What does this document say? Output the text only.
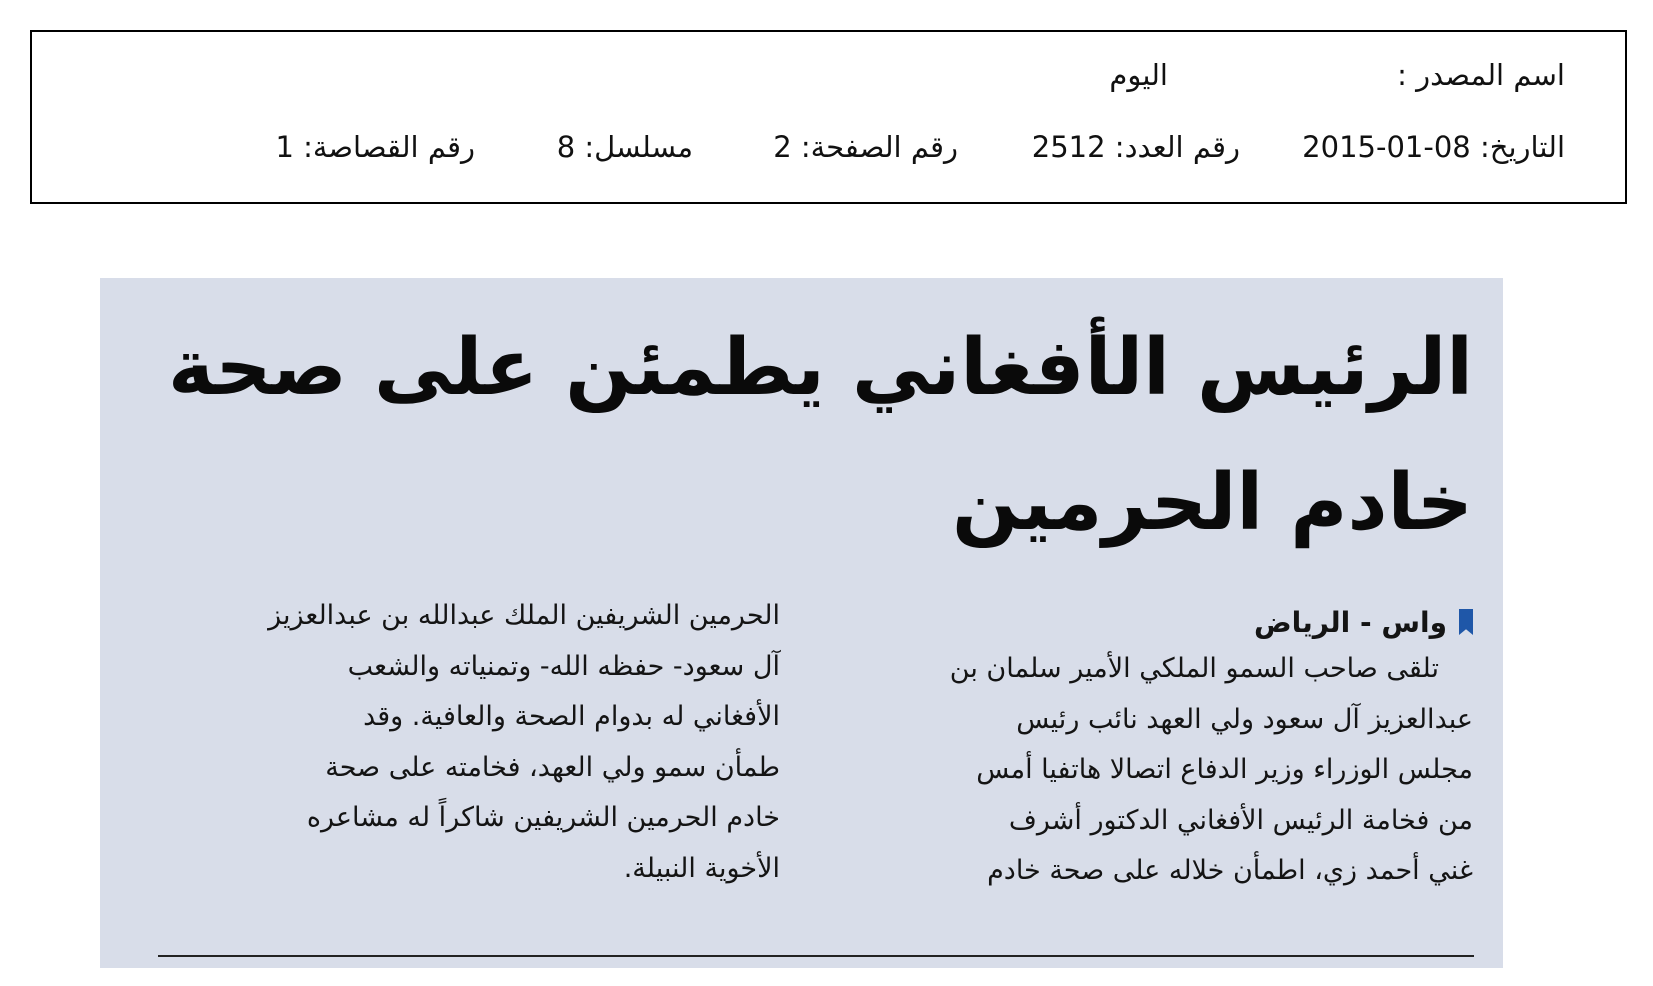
اسم المصدر :
اليوم
التاريخ: 08-01-2015
رقم العدد: 2512
رقم الصفحة: 2
مسلسل: 8
رقم القصاصة: 1
الرئيس الأفغاني يطمئن على صحة
خادم الحرمين
واس - الرياض
تلقى صاحب السمو الملكي الأمير سلمان بن
عبدالعزيز آل سعود ولي العهد نائب رئيس
مجلس الوزراء وزير الدفاع اتصالا هاتفيا أمس
من فخامة الرئيس الأفغاني الدكتور أشرف
غني أحمد زي، اطمأن خلاله على صحة خادم
الحرمين الشريفين الملك عبدالله بن عبدالعزيز
آل سعود- حفظه الله- وتمنياته والشعب
الأفغاني له بدوام الصحة والعافية. وقد
طمأن سمو ولي العهد، فخامته على صحة
خادم الحرمين الشريفين شاكراً له مشاعره
الأخوية النبيلة.
